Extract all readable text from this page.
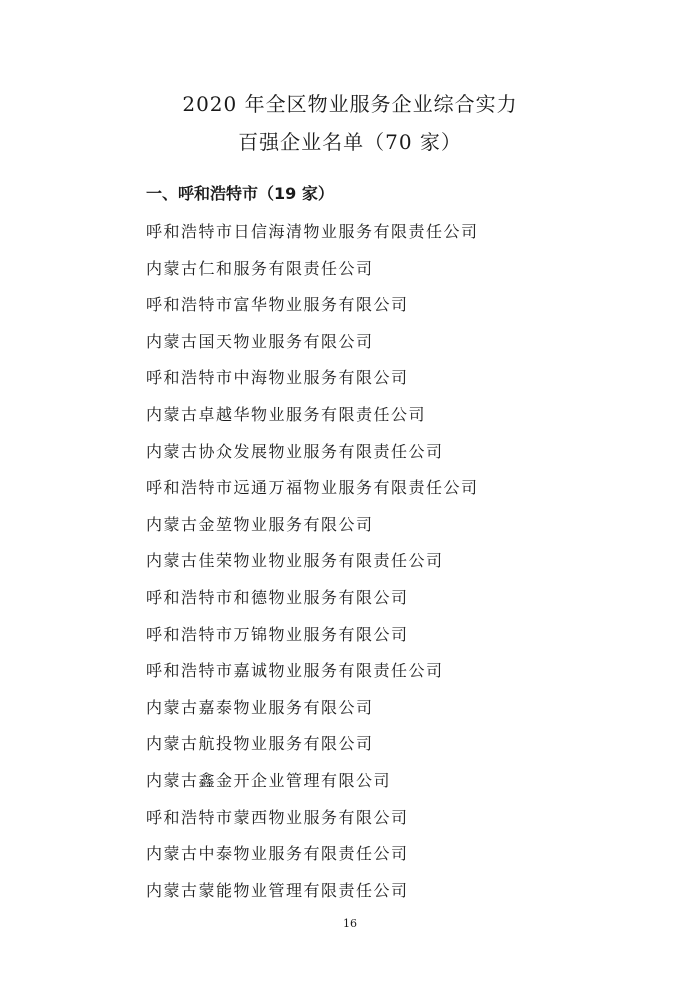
2020 年全区物业服务企业综合实力
百强企业名单（70 家）
一、呼和浩特市（19 家）
呼和浩特市日信海清物业服务有限责任公司
内蒙古仁和服务有限责任公司
呼和浩特市富华物业服务有限公司
内蒙古国天物业服务有限公司
呼和浩特市中海物业服务有限公司
内蒙古卓越华物业服务有限责任公司
内蒙古协众发展物业服务有限责任公司
呼和浩特市远通万福物业服务有限责任公司
内蒙古金堃物业服务有限公司
内蒙古佳荣物业物业服务有限责任公司
呼和浩特市和德物业服务有限公司
呼和浩特市万锦物业服务有限公司
呼和浩特市嘉诚物业服务有限责任公司
内蒙古嘉泰物业服务有限公司
内蒙古航投物业服务有限公司
内蒙古鑫金开企业管理有限公司
呼和浩特市蒙西物业服务有限公司
内蒙古中泰物业服务有限责任公司
内蒙古蒙能物业管理有限责任公司
16
